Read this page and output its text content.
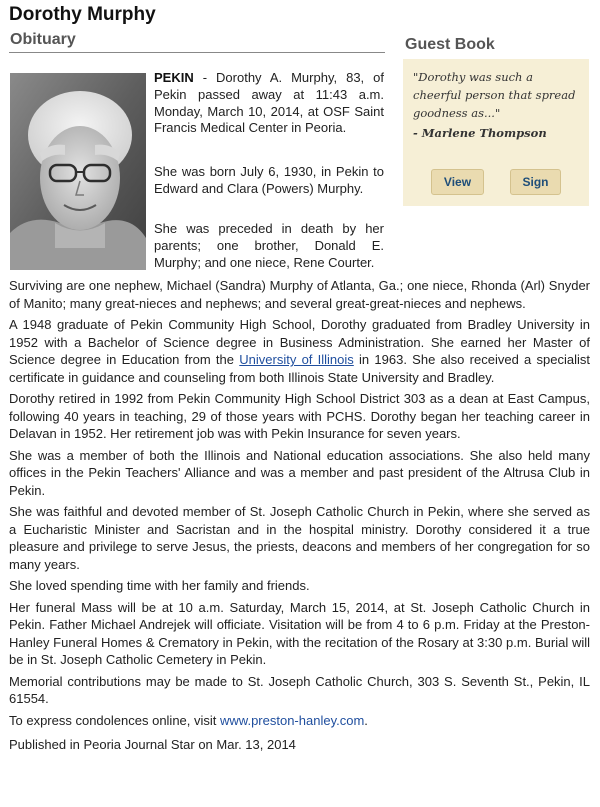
Dorothy Murphy
Obituary	Guest Book
"Dorothy was such a cheerful person that spread goodness as..."
- Marlene Thompson
View	Sign
PEKIN - Dorothy A. Murphy, 83, of Pekin passed away at 11:43 a.m. Monday, March 10, 2014, at OSF Saint Francis Medical Center in Peoria.
She was born July 6, 1930, in Pekin to Edward and Clara (Powers) Murphy.
She was preceded in death by her parents; one brother, Donald E. Murphy; and one niece, Rene Courter.

Surviving are one nephew, Michael (Sandra) Murphy of Atlanta, Ga.; one niece, Rhonda (Arl) Snyder of Manito; many great-nieces and nephews; and several great-great-nieces and nephews.

A 1948 graduate of Pekin Community High School, Dorothy graduated from Bradley University in 1952 with a Bachelor of Science degree in Business Administration. She earned her Master of Science degree in Education from the University of Illinois in 1963. She also received a specialist certificate in guidance and counseling from both Illinois State University and Bradley.

Dorothy retired in 1992 from Pekin Community High School District 303 as a dean at East Campus, following 40 years in teaching, 29 of those years with PCHS. Dorothy began her teaching career in Delavan in 1952. Her retirement job was with Pekin Insurance for seven years.

She was a member of both the Illinois and National education associations. She also held many offices in the Pekin Teachers' Alliance and was a member and past president of the Altrusa Club in Pekin.

She was faithful and devoted member of St. Joseph Catholic Church in Pekin, where she served as a Eucharistic Minister and Sacristan and in the hospital ministry. Dorothy considered it a true pleasure and privilege to serve Jesus, the priests, deacons and members of her congregation for so many years.

She loved spending time with her family and friends.

Her funeral Mass will be at 10 a.m. Saturday, March 15, 2014, at St. Joseph Catholic Church in Pekin. Father Michael Andrejek will officiate. Visitation will be from 4 to 6 p.m. Friday at the Preston-Hanley Funeral Homes & Crematory in Pekin, with the recitation of the Rosary at 3:30 p.m. Burial will be in St. Joseph Catholic Cemetery in Pekin.

Memorial contributions may be made to St. Joseph Catholic Church, 303 S. Seventh St., Pekin, IL 61554.

To express condolences online, visit www.preston-hanley.com.

Published in Peoria Journal Star on Mar. 13, 2014
